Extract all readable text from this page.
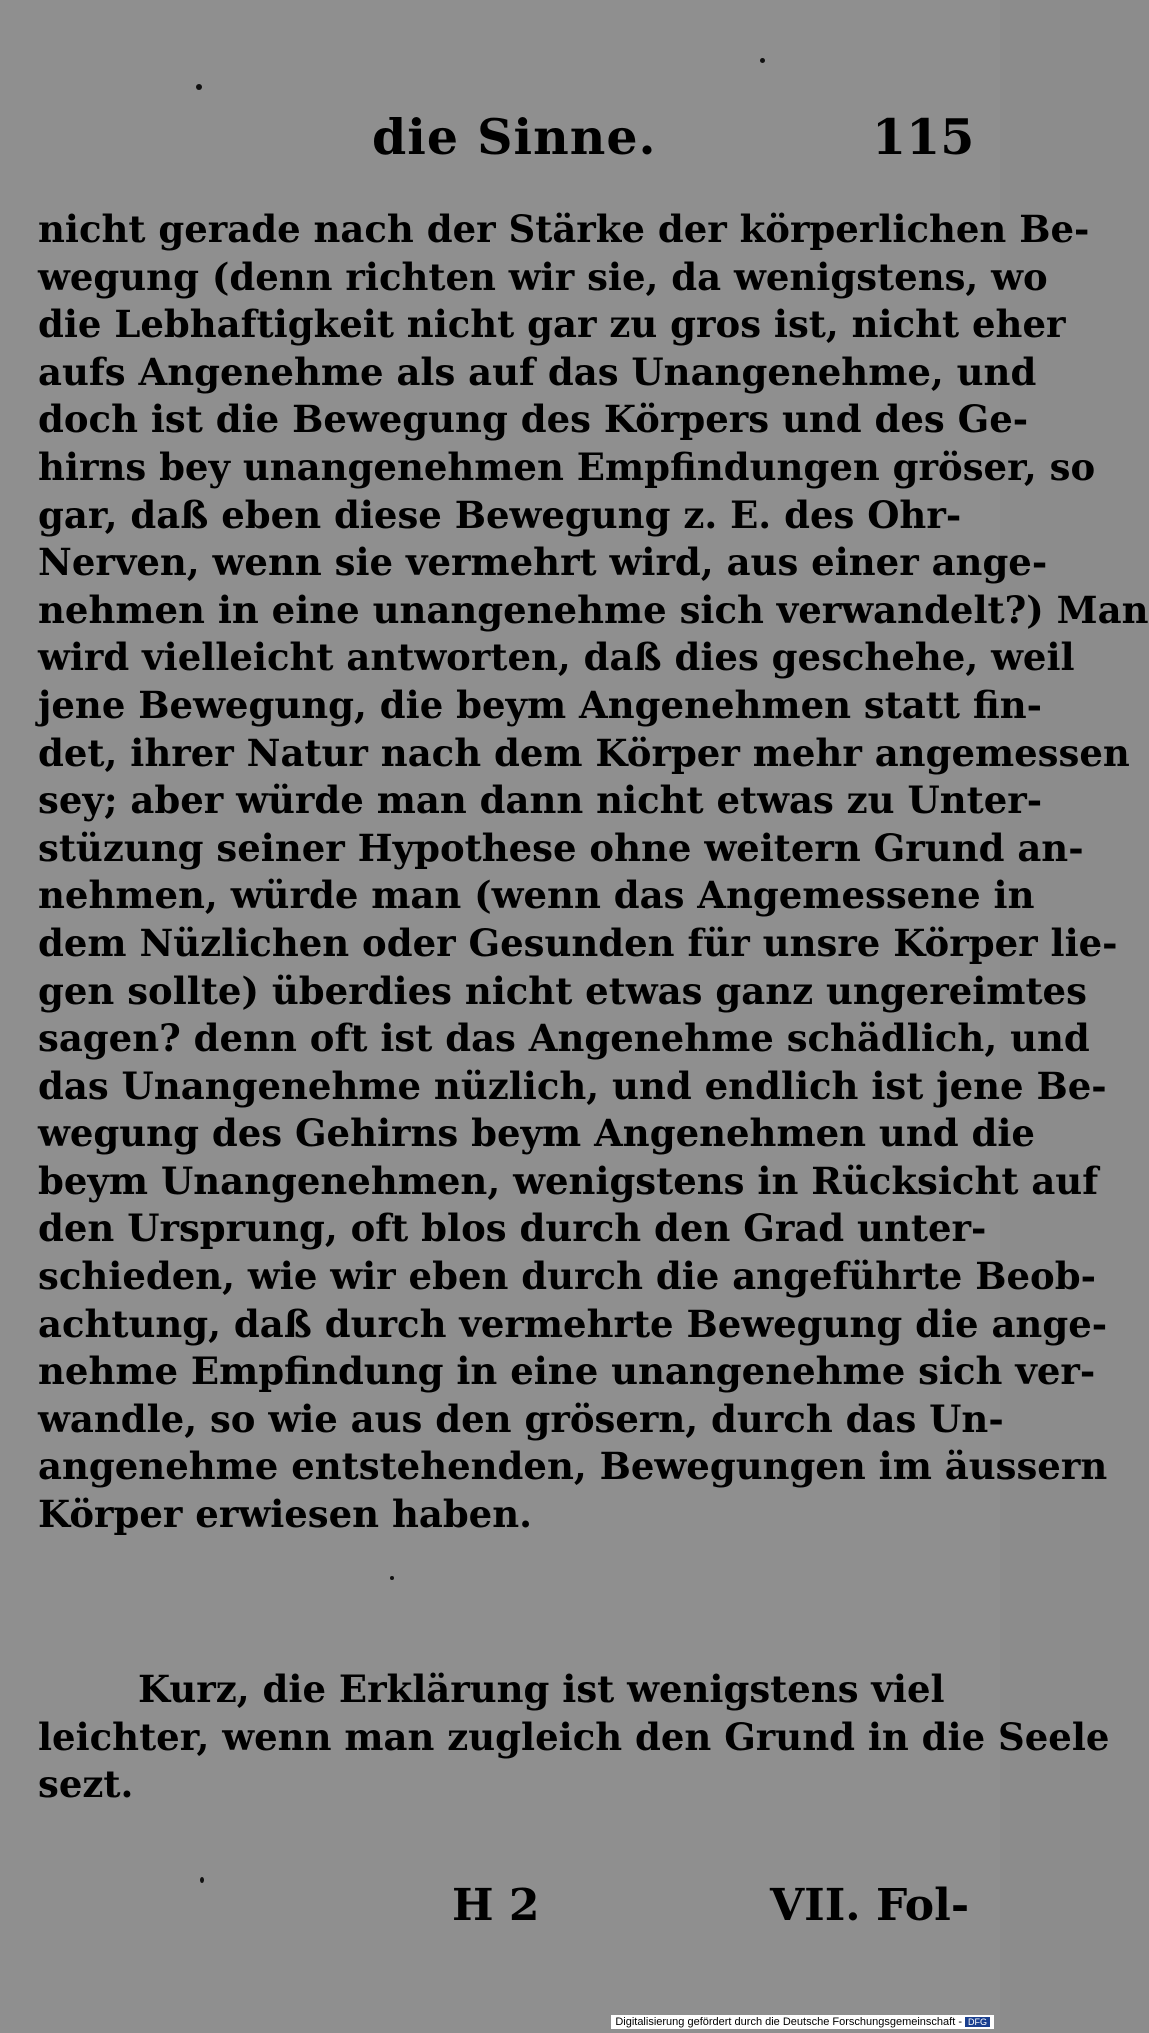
die Sinne.	115
nicht gerade nach der Stärke der körperlichen Be-
wegung (denn richten wir sie, da wenigstens, wo
die Lebhaftigkeit nicht gar zu gros ist, nicht eher
aufs Angenehme als auf das Unangenehme, und
doch ist die Bewegung des Körpers und des Ge-
hirns bey unangenehmen Empfindungen gröser, so
gar, daß eben diese Bewegung z. E. des Ohr-
Nerven, wenn sie vermehrt wird, aus einer ange-
nehmen in eine unangenehme sich verwandelt?) Man
wird vielleicht antworten, daß dies geschehe, weil
jene Bewegung, die beym Angenehmen statt fin-
det, ihrer Natur nach dem Körper mehr angemessen
sey; aber würde man dann nicht etwas zu Unter-
stüzung seiner Hypothese ohne weitern Grund an-
nehmen, würde man (wenn das Angemessene in
dem Nüzlichen oder Gesunden für unsre Körper lie-
gen sollte) überdies nicht etwas ganz ungereimtes
sagen? denn oft ist das Angenehme schädlich, und
das Unangenehme nüzlich, und endlich ist jene Be-
wegung des Gehirns beym Angenehmen und die
beym Unangenehmen, wenigstens in Rücksicht auf
den Ursprung, oft blos durch den Grad unter-
schieden, wie wir eben durch die angeführte Beob-
achtung, daß durch vermehrte Bewegung die ange-
nehme Empfindung in eine unangenehme sich ver-
wandle, so wie aus den grösern, durch das Un-
angenehme entstehenden, Bewegungen im äussern
Körper erwiesen haben.
Kurz, die Erklärung ist wenigstens viel
leichter, wenn man zugleich den Grund in die Seele
sezt.
H 2	VII. Fol-
Digitalisierung gefördert durch die Deutsche Forschungsgemeinschaft - DFG
